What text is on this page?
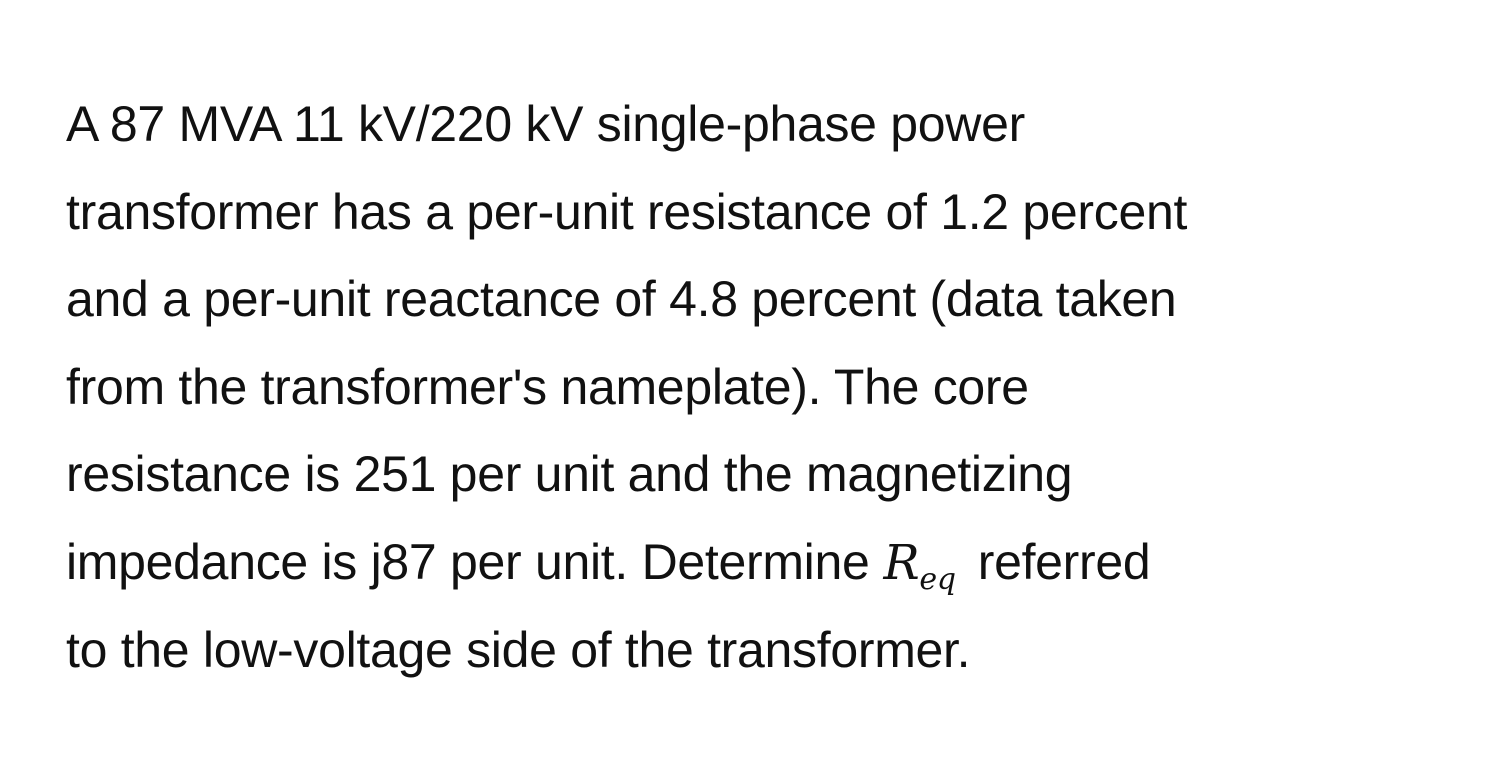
A 87 MVA 11 kV/220 kV single-phase power
transformer has a per-unit resistance of 1.2 percent
and a per-unit reactance of 4.8 percent (data taken
from the transformer's nameplate). The core
resistance is 251 per unit and the magnetizing
impedance is j87 per unit. Determine $R_{eq}$ referred
to the low-voltage side of the transformer.
